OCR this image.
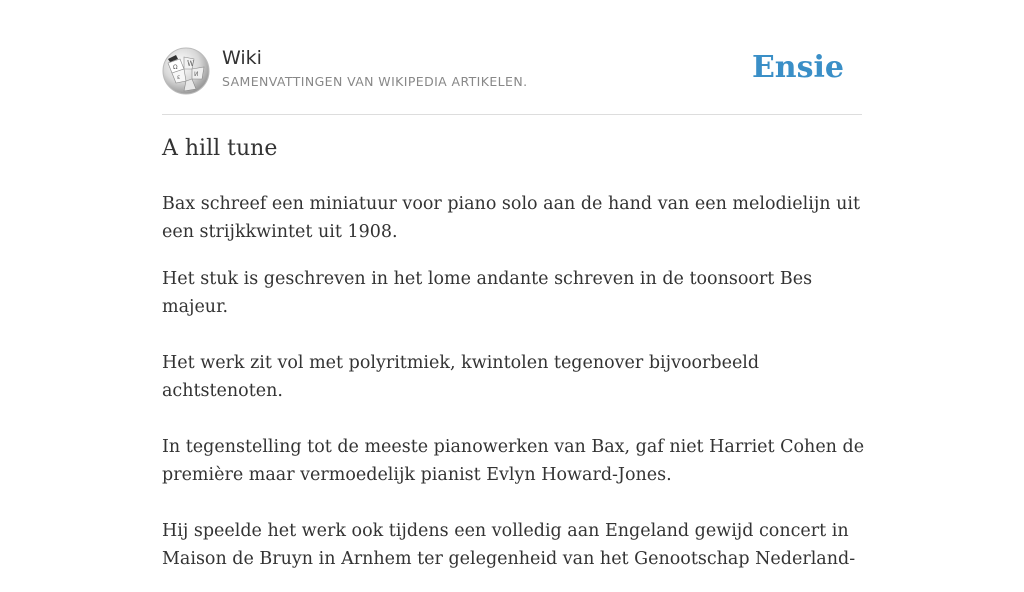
Ω W
И
ε
Wiki
SAMENVATTINGEN VAN WIKIPEDIA ARTIKELEN.	Ensie
A hill tune

Bax schreef een miniatuur voor piano solo aan de hand van een melodielijn uit een strijkkwintet uit 1908.

Het stuk is geschreven in het lome andante schreven in de toonsoort Bes majeur.

Het werk zit vol met polyritmiek, kwintolen tegenover bijvoorbeeld achtstenoten.

In tegenstelling tot de meeste pianowerken van Bax, gaf niet Harriet Cohen de première maar vermoedelijk pianist Evlyn Howard-Jones.

Hij speelde het werk ook tijdens een volledig aan Engeland gewijd concert in Maison de Bruyn in Arnhem ter gelegenheid van het Genootschap Nederland-
